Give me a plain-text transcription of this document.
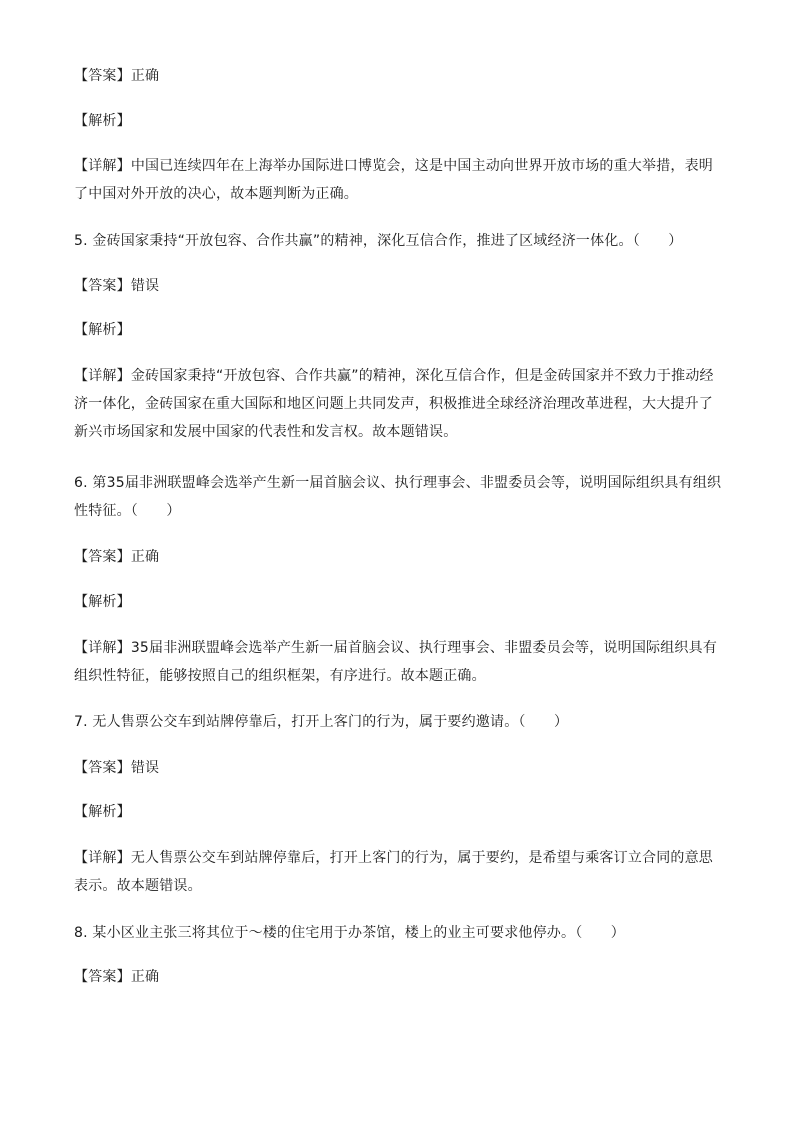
【答案】正确
【解析】
【详解】中国已连续四年在上海举办国际进口博览会，这是中国主动向世界开放市场的重大举措，表明了中国对外开放的决心，故本题判断为正确。
5. 金砖国家秉持“开放包容、合作共赢”的精神，深化互信合作，推进了区域经济一体化。（　　）
【答案】错误
【解析】
【详解】金砖国家秉持“开放包容、合作共赢”的精神，深化互信合作，但是金砖国家并不致力于推动经济一体化，金砖国家在重大国际和地区问题上共同发声，积极推进全球经济治理改革进程，大大提升了新兴市场国家和发展中国家的代表性和发言权。故本题错误。
6. 第35届非洲联盟峰会选举产生新一届首脑会议、执行理事会、非盟委员会等，说明国际组织具有组织性特征。（　　）
【答案】正确
【解析】
【详解】35届非洲联盟峰会选举产生新一届首脑会议、执行理事会、非盟委员会等，说明国际组织具有组织性特征，能够按照自己的组织框架，有序进行。故本题正确。
7. 无人售票公交车到站牌停靠后，打开上客门的行为，属于要约邀请。（　　）
【答案】错误
【解析】
【详解】无人售票公交车到站牌停靠后，打开上客门的行为，属于要约，是希望与乘客订立合同的意思表示。故本题错误。
8. 某小区业主张三将其位于～楼的住宅用于办茶馆，楼上的业主可要求他停办。（　　）
【答案】正确
